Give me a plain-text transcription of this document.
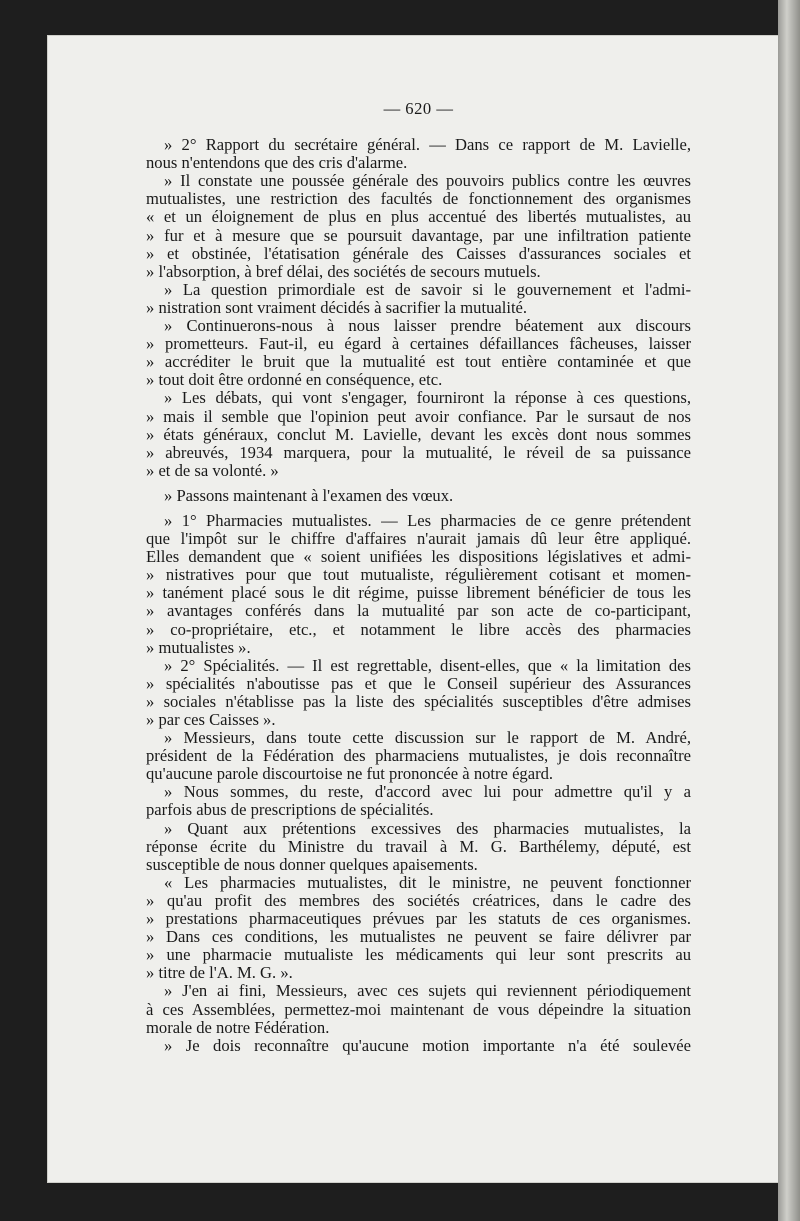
— 620 —
» 2° Rapport du secrétaire général. — Dans ce rapport de M. Lavielle,
nous n'entendons que des cris d'alarme.
» Il constate une poussée générale des pouvoirs publics contre les œuvres
mutualistes, une restriction des facultés de fonctionnement des organismes
« et un éloignement de plus en plus accentué des libertés mutualistes, au
» fur et à mesure que se poursuit davantage, par une infiltration patiente
» et obstinée, l'étatisation générale des Caisses d'assurances sociales et
» l'absorption, à bref délai, des sociétés de secours mutuels.
» La question primordiale est de savoir si le gouvernement et l'admi-
» nistration sont vraiment décidés à sacrifier la mutualité.
» Continuerons-nous à nous laisser prendre béatement aux discours
» prometteurs. Faut-il, eu égard à certaines défaillances fâcheuses, laisser
» accréditer le bruit que la mutualité est tout entière contaminée et que
» tout doit être ordonné en conséquence, etc.
» Les débats, qui vont s'engager, fourniront la réponse à ces questions,
» mais il semble que l'opinion peut avoir confiance. Par le sursaut de nos
» états généraux, conclut M. Lavielle, devant les excès dont nous sommes
» abreuvés, 1934 marquera, pour la mutualité, le réveil de sa puissance
» et de sa volonté. »
» Passons maintenant à l'examen des vœux.
» 1° Pharmacies mutualistes. — Les pharmacies de ce genre prétendent
que l'impôt sur le chiffre d'affaires n'aurait jamais dû leur être appliqué.
Elles demandent que « soient unifiées les dispositions législatives et admi-
» nistratives pour que tout mutualiste, régulièrement cotisant et momen-
» tanément placé sous le dit régime, puisse librement bénéficier de tous les
» avantages conférés dans la mutualité par son acte de co-participant,
» co-propriétaire, etc., et notamment le libre accès des pharmacies
» mutualistes ».
» 2° Spécialités. — Il est regrettable, disent-elles, que « la limitation des
» spécialités n'aboutisse pas et que le Conseil supérieur des Assurances
» sociales n'établisse pas la liste des spécialités susceptibles d'être admises
» par ces Caisses ».
» Messieurs, dans toute cette discussion sur le rapport de M. André,
président de la Fédération des pharmaciens mutualistes, je dois reconnaître
qu'aucune parole discourtoise ne fut prononcée à notre égard.
» Nous sommes, du reste, d'accord avec lui pour admettre qu'il y a
parfois abus de prescriptions de spécialités.
» Quant aux prétentions excessives des pharmacies mutualistes, la
réponse écrite du Ministre du travail à M. G. Barthélemy, député, est
susceptible de nous donner quelques apaisements.
« Les pharmacies mutualistes, dit le ministre, ne peuvent fonctionner
» qu'au profit des membres des sociétés créatrices, dans le cadre des
» prestations pharmaceutiques prévues par les statuts de ces organismes.
» Dans ces conditions, les mutualistes ne peuvent se faire délivrer par
» une pharmacie mutualiste les médicaments qui leur sont prescrits au
» titre de l'A. M. G. ».
» J'en ai fini, Messieurs, avec ces sujets qui reviennent périodiquement
à ces Assemblées, permettez-moi maintenant de vous dépeindre la situation
morale de notre Fédération.
» Je dois reconnaître qu'aucune motion importante n'a été soulevée
